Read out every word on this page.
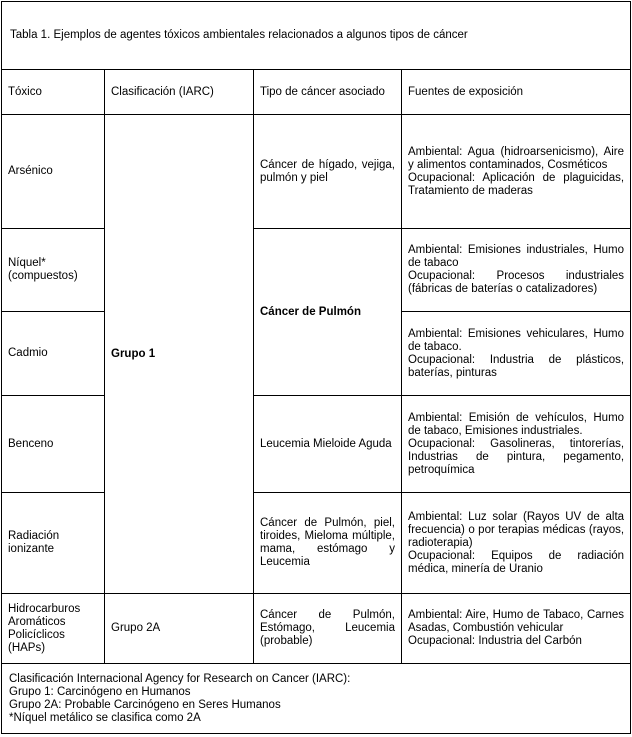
Tabla 1. Ejemplos de agentes tóxicos ambientales relacionados a algunos tipos de cáncer			
Tóxico	Clasificación (IARC)	Tipo de cáncer asociado	Fuentes de exposición
Arsénico	Grupo 1	Cáncer de hígado, vejiga, pulmón y piel	Ambiental: Agua (hidroarsenicismo), Aire y alimentos contaminados, Cosméticos
Ocupacional: Aplicación de plaguicidas, Tratamiento de maderas

Níquel* (compuestos)		Cáncer de Pulmón	Ambiental: Emisiones industriales, Humo de tabaco
Ocupacional: Procesos industriales (fábricas de baterías o catalizadores)

Cadmio			Ambiental: Emisiones vehiculares, Humo de tabaco.
Ocupacional: Industria de plásticos, baterías, pinturas

Benceno		Leucemia Mieloide Aguda	Ambiental: Emisión de vehículos, Humo de tabaco, Emisiones industriales.
Ocupacional: Gasolineras, tintorerías, Industrias de pintura, pegamento, petroquímica

Radiación ionizante		Cáncer de Pulmón, piel, tiroides, Mieloma múltiple, mama, estómago y Leucemia	Ambiental: Luz solar (Rayos UV de alta frecuencia) o por terapias médicas (rayos, radioterapia)
Ocupacional: Equipos de radiación médica, minería de Uranio

Hidrocarburos Aromáticos Policíclicos (HAPs)	Grupo 2A	Cáncer de Pulmón, Estómago, Leucemia (probable)	Ambiental: Aire, Humo de Tabaco, Carnes Asadas, Combustión vehicular
Ocupacional: Industria del Carbón

Clasificación Internacional Agency for Research on Cancer (IARC):
Grupo 1: Carcinógeno en Humanos
Grupo 2A: Probable Carcinógeno en Seres Humanos
*Níquel metálico se clasifica como 2A			
